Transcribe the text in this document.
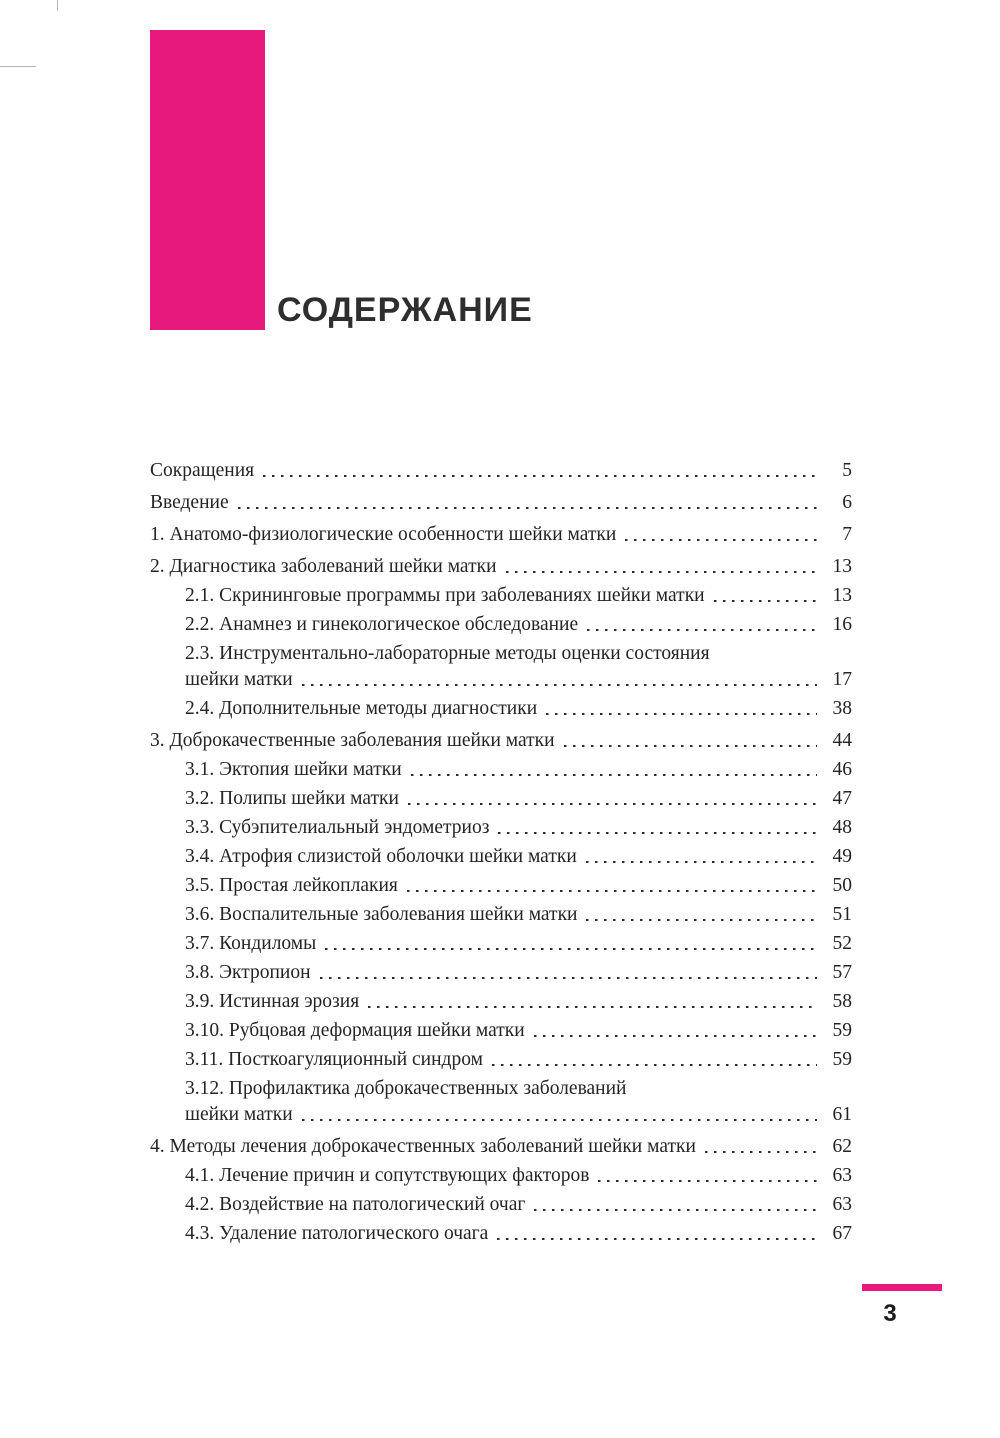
СОДЕРЖАНИЕ
Сокращения	5
Введение	6
1. Анатомо-физиологические особенности шейки матки	7
2. Диагностика заболеваний шейки матки	13
2.1. Скрининговые программы при заболеваниях шейки матки	13
2.2. Анамнез и гинекологическое обследование	16
2.3. Инструментально-лабораторные методы оценки состояния
шейки матки	17
2.4. Дополнительные методы диагностики	38
3. Доброкачественные заболевания шейки матки	44
3.1. Эктопия шейки матки	46
3.2. Полипы шейки матки	47
3.3. Субэпителиальный эндометриоз	48
3.4. Атрофия слизистой оболочки шейки матки	49
3.5. Простая лейкоплакия	50
3.6. Воспалительные заболевания шейки матки	51
3.7. Кондиломы	52
3.8. Эктропион	57
3.9. Истинная эрозия	58
3.10. Рубцовая деформация шейки матки	59
3.11. Посткоагуляционный синдром	59
3.12. Профилактика доброкачественных заболеваний
шейки матки	61
4. Методы лечения доброкачественных заболеваний шейки матки	62
4.1. Лечение причин и сопутствующих факторов	63
4.2. Воздействие на патологический очаг	63
4.3. Удаление патологического очага	67
3
